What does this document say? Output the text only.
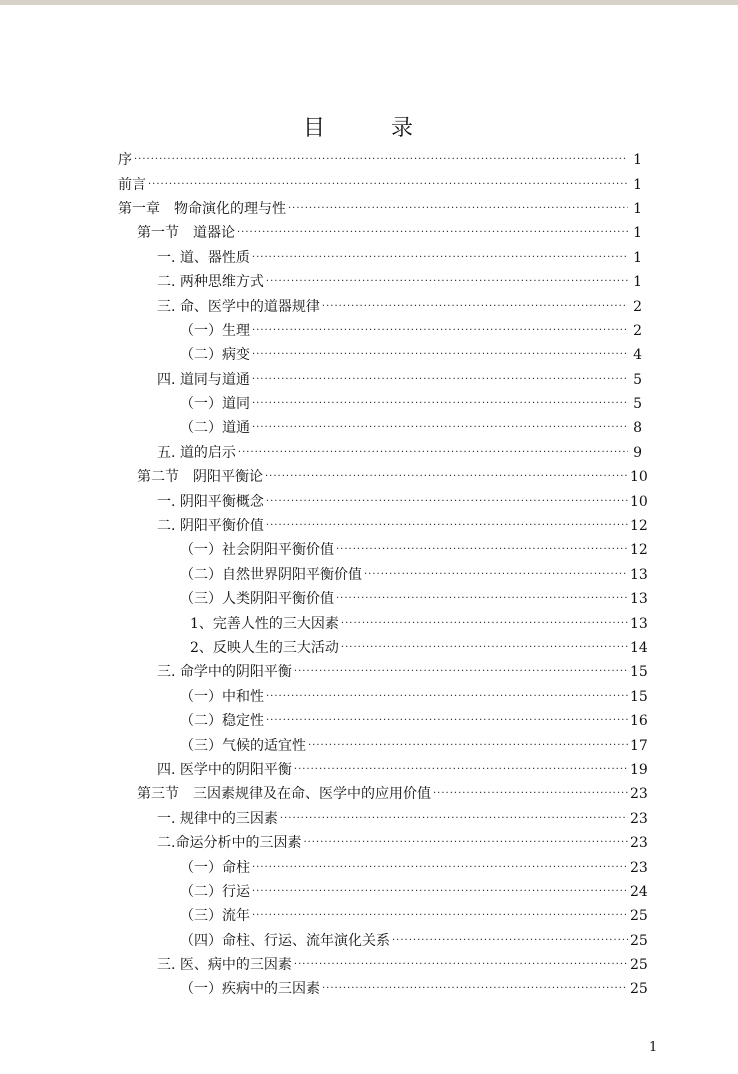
目　录
序 ·····	1
前言 ·····	1
第一章　物命演化的理与性 ·····	1
第一节　道器论 ·····	1
一. 道、器性质 ·····	1
二. 两种思维方式 ·····	1
三. 命、医学中的道器规律 ·····	2
（一）生理 ·····	2
（二）病变 ·····	4
四. 道同与道通 ·····	5
（一）道同 ·····	5
（二）道通 ·····	8
五. 道的启示 ·····	9
第二节　阴阳平衡论 ·····	10
一. 阴阳平衡概念 ·····	10
二. 阴阳平衡价值 ·····	12
（一）社会阴阳平衡价值 ·····	12
（二）自然世界阴阳平衡价值 ·····	13
（三）人类阴阳平衡价值 ·····	13
1、完善人性的三大因素 ·····	13
2、反映人生的三大活动 ·····	14
三. 命学中的阴阳平衡 ·····	15
（一）中和性 ·····	15
（二）稳定性 ·····	16
（三）气候的适宜性 ·····	17
四. 医学中的阴阳平衡 ·····	19
第三节　三因素规律及在命、医学中的应用价值 ·····	23
一. 规律中的三因素 ·····	23
二.命运分析中的三因素 ·····	23
（一）命柱 ·····	23
（二）行运 ·····	24
（三）流年 ·····	25
（四）命柱、行运、流年演化关系 ·····	25
三. 医、病中的三因素 ·····	25
（一）疾病中的三因素 ·····	25
1
